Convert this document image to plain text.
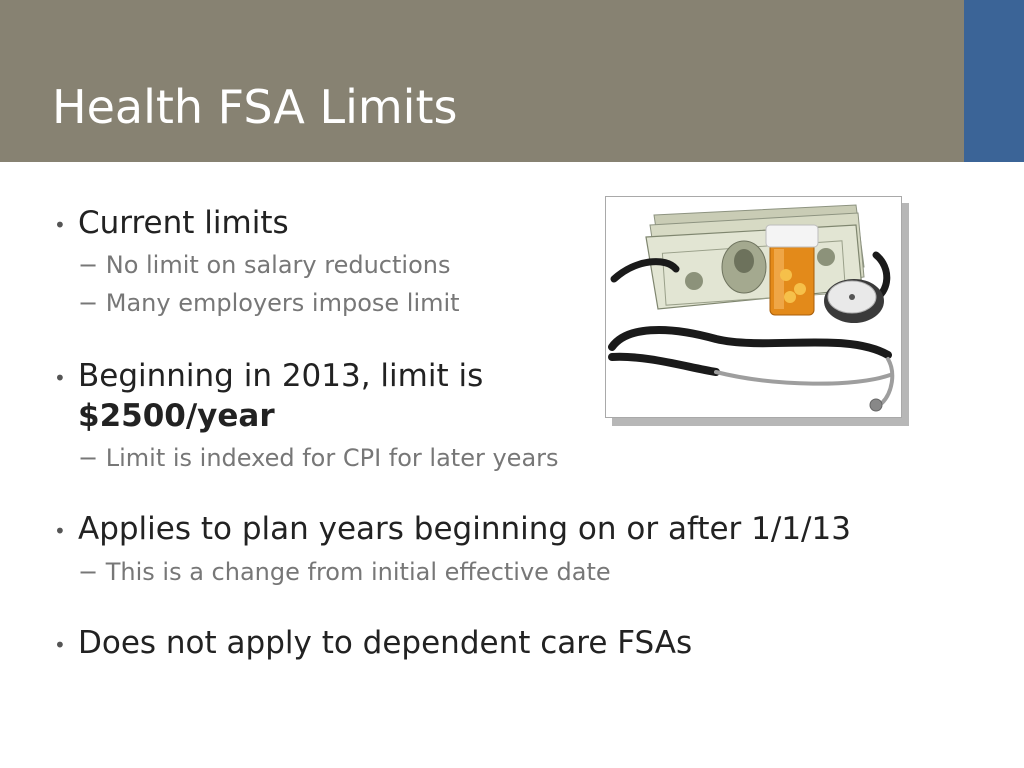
Health FSA Limits
• Current limits
− No limit on salary reductions
− Many employers impose limit
• Beginning in 2013, limit is
$2500/year
− Limit is indexed for CPI for later years
• Applies to plan years beginning on or after 1/1/13
− This is a change from initial effective date
• Does not apply to dependent care FSAs
